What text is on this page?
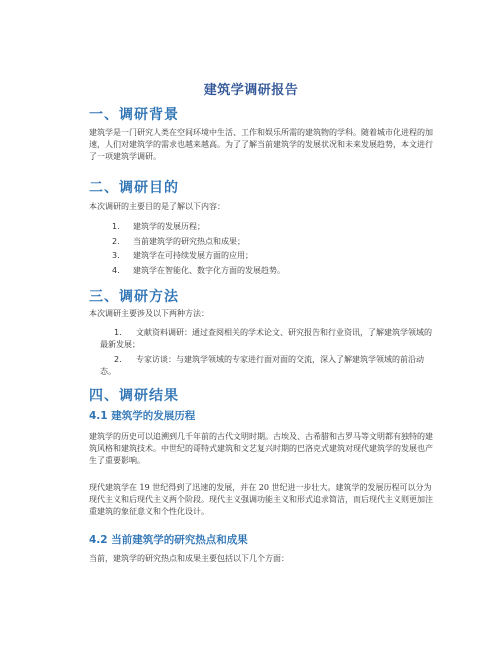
建筑学调研报告
一、调研背景
建筑学是一门研究人类在空间环境中生活、工作和娱乐所需的建筑物的学科。随着城市化进程的加速，人们对建筑学的需求也越来越高。为了了解当前建筑学的发展状况和未来发展趋势，本文进行了一项建筑学调研。
二、调研目的
本次调研的主要目的是了解以下内容：
1. 建筑学的发展历程；
2. 当前建筑学的研究热点和成果；
3. 建筑学在可持续发展方面的应用；
4. 建筑学在智能化、数字化方面的发展趋势。
三、调研方法
本次调研主要涉及以下两种方法：
1. 文献资料调研：通过查阅相关的学术论文、研究报告和行业资讯，了解建筑学领域的最新发展；
2. 专家访谈：与建筑学领域的专家进行面对面的交流，深入了解建筑学领域的前沿动态。
四、调研结果
4.1 建筑学的发展历程
建筑学的历史可以追溯到几千年前的古代文明时期。古埃及、古希腊和古罗马等文明都有独特的建筑风格和建筑技术。中世纪的哥特式建筑和文艺复兴时期的巴洛克式建筑对现代建筑学的发展也产生了重要影响。
现代建筑学在 19 世纪得到了迅速的发展，并在 20 世纪进一步壮大。建筑学的发展历程可以分为现代主义和后现代主义两个阶段。现代主义强调功能主义和形式追求简洁，而后现代主义则更加注重建筑的象征意义和个性化设计。
4.2 当前建筑学的研究热点和成果
当前，建筑学的研究热点和成果主要包括以下几个方面：
